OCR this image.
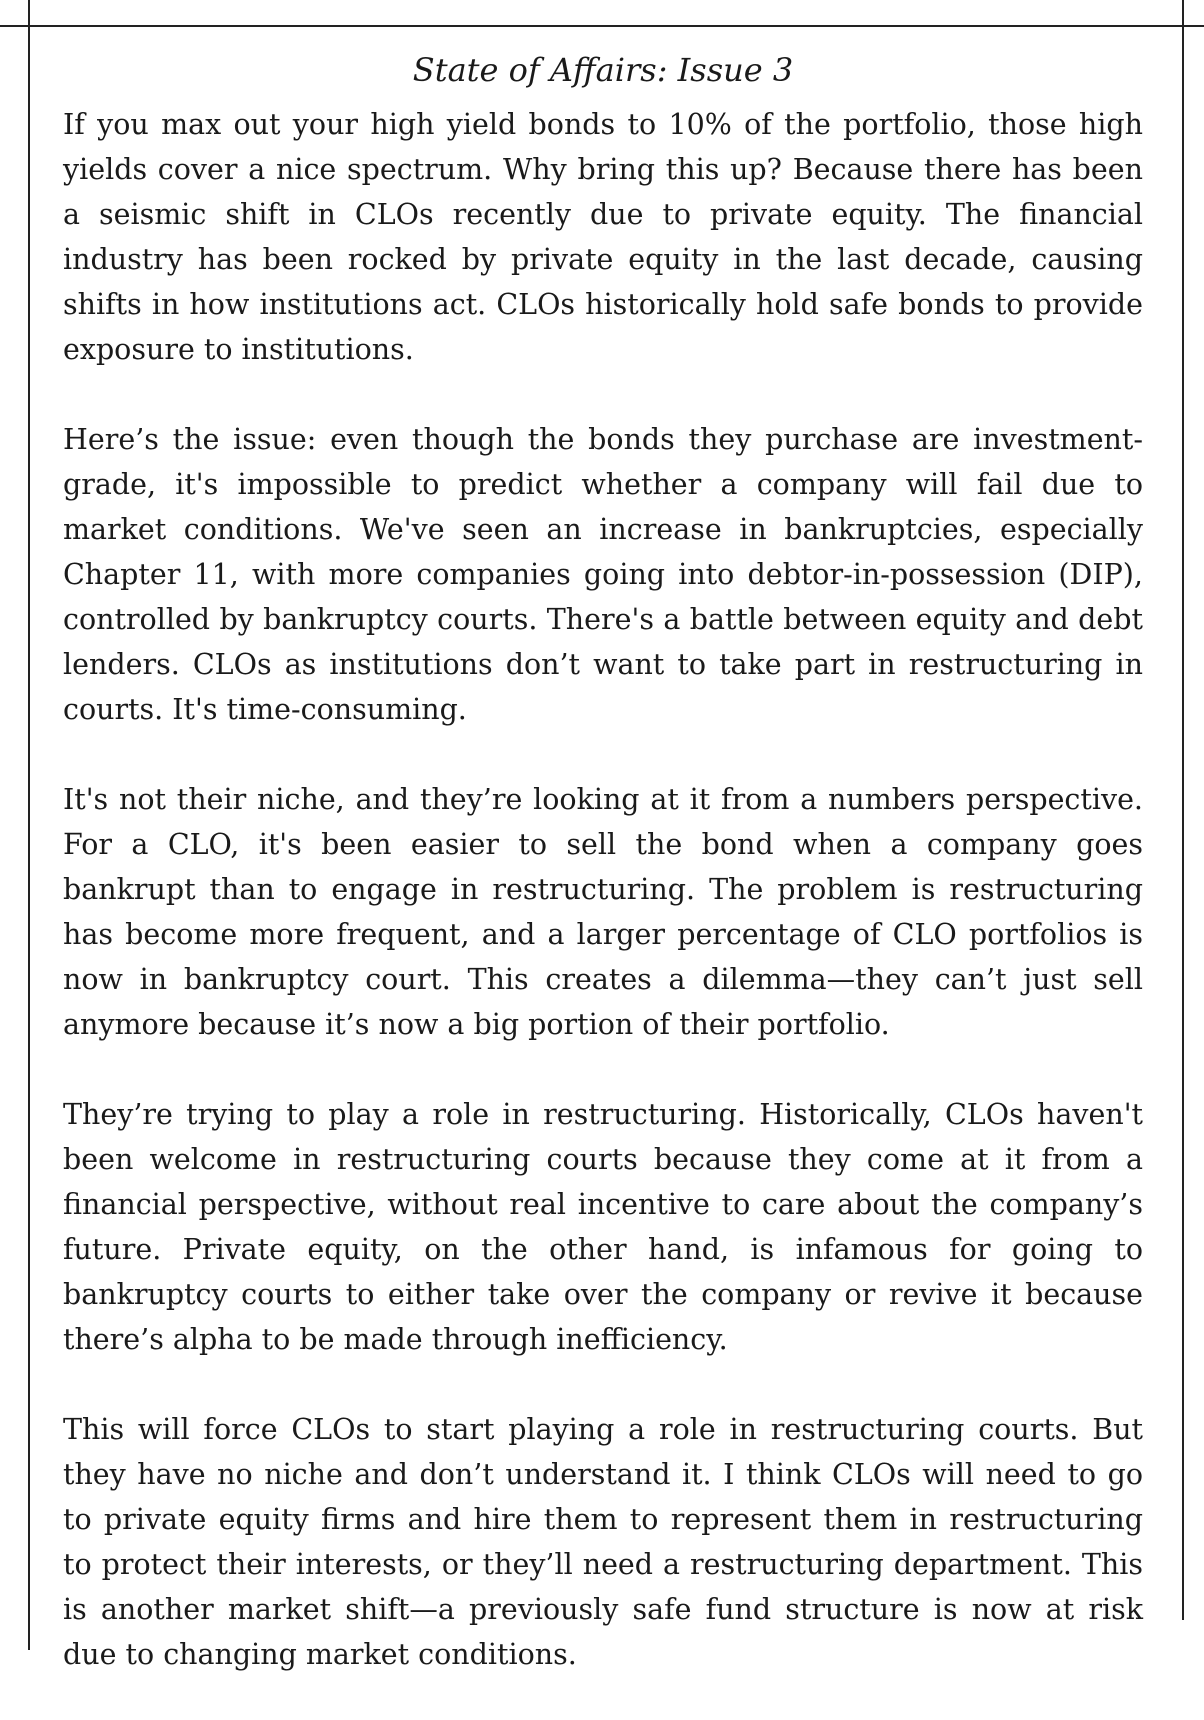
State of Affairs: Issue 3

If you max out your high yield bonds to 10% of the portfolio, those high yields cover a nice spectrum. Why bring this up? Because there has been a seismic shift in CLOs recently due to private equity. The financial industry has been rocked by private equity in the last decade, causing shifts in how institutions act. CLOs historically hold safe bonds to provide exposure to institutions.

Here’s the issue: even though the bonds they purchase are investment-grade, it's impossible to predict whether a company will fail due to market conditions. We've seen an increase in bankruptcies, especially Chapter 11, with more companies going into debtor-in-possession (DIP), controlled by bankruptcy courts. There's a battle between equity and debt lenders. CLOs as institutions don’t want to take part in restructuring in courts. It's time-consuming.

It's not their niche, and they’re looking at it from a numbers perspective. For a CLO, it's been easier to sell the bond when a company goes bankrupt than to engage in restructuring. The problem is restructuring has become more frequent, and a larger percentage of CLO portfolios is now in bankruptcy court. This creates a dilemma—they can’t just sell anymore because it’s now a big portion of their portfolio.

They’re trying to play a role in restructuring. Historically, CLOs haven't been welcome in restructuring courts because they come at it from a financial perspective, without real incentive to care about the company’s future. Private equity, on the other hand, is infamous for going to bankruptcy courts to either take over the company or revive it because there’s alpha to be made through inefficiency.

This will force CLOs to start playing a role in restructuring courts. But they have no niche and don’t understand it. I think CLOs will need to go to private equity firms and hire them to represent them in restructuring to protect their interests, or they’ll need a restructuring department. This is another market shift—a previously safe fund structure is now at risk due to changing market conditions.
